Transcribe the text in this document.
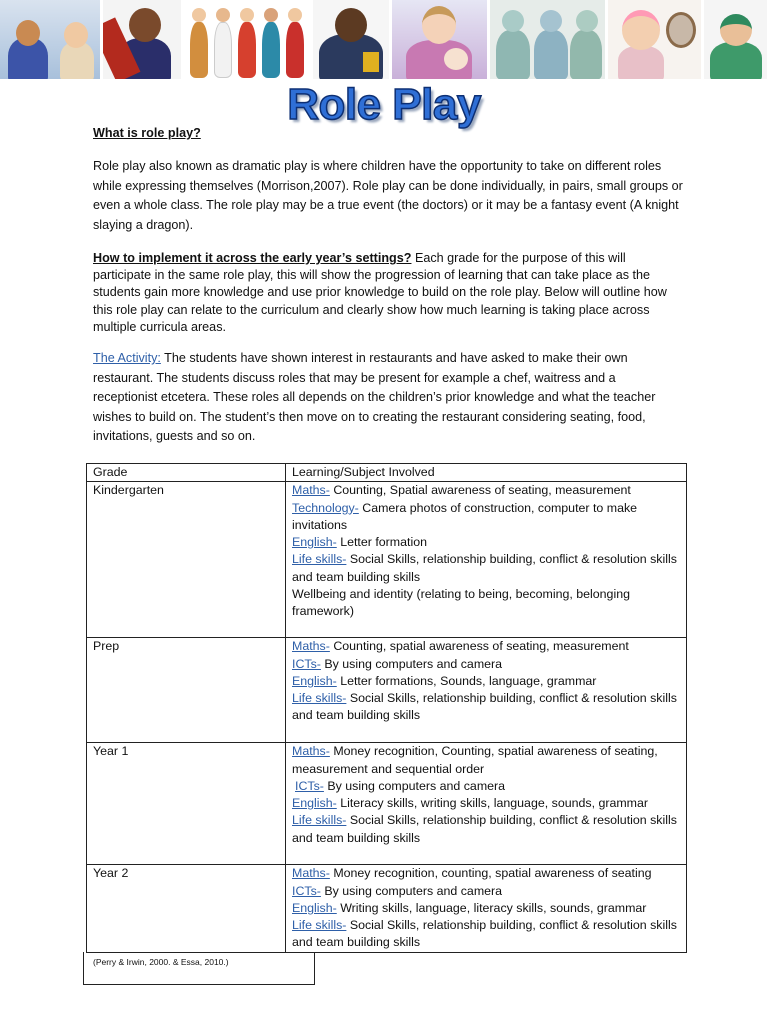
Role Play
What is role play?
Role play also known as dramatic play is where children have the opportunity to take on different roles while expressing themselves (Morrison,2007). Role play can be done individually, in pairs, small groups or even a whole class. The role play may be a true event (the doctors) or it may be a fantasy event (A knight slaying a dragon).
How to implement it across the early year’s settings? Each grade for the purpose of this will participate in the same role play, this will show the progression of learning that can take place as the students gain more knowledge and use prior knowledge to build on the role play. Below will outline how this role play can relate to the curriculum and clearly show how much learning is taking place across multiple curricula areas.
The Activity: The students have shown interest in restaurants and have asked to make their own restaurant. The students discuss roles that may be present for example a chef, waitress and a receptionist etcetera. These roles all depends on the children’s prior knowledge and what the teacher wishes to build on. The student’s then move on to creating the restaurant considering seating, food, invitations, guests and so on.
Grade	Learning/Subject Involved
Kindergarten	Maths- Counting, Spatial awareness of seating, measurement
Technology- Camera photos of construction, computer to make invitations
English- Letter formation
Life skills- Social Skills, relationship building, conflict & resolution skills and team building skills
Wellbeing and identity (relating to being, becoming, belonging framework)

Prep	Maths- Counting, spatial awareness of seating, measurement
ICTs- By using computers and camera
English- Letter formations, Sounds, language, grammar
Life skills- Social Skills, relationship building, conflict & resolution skills and team building skills

Year 1	Maths- Money recognition, Counting, spatial awareness of seating, measurement and sequential order
ICTs- By using computers and camera
English- Literacy skills, writing skills, language, sounds, grammar
Life skills- Social Skills, relationship building, conflict & resolution skills and team building skills

Year 2	Maths- Money recognition, counting, spatial awareness of seating
ICTs- By using computers and camera
English- Writing skills, language, literacy skills, sounds, grammar
Life skills- Social Skills, relationship building, conflict & resolution skills and team building skills
(Perry & Irwin, 2000. & Essa, 2010.)
